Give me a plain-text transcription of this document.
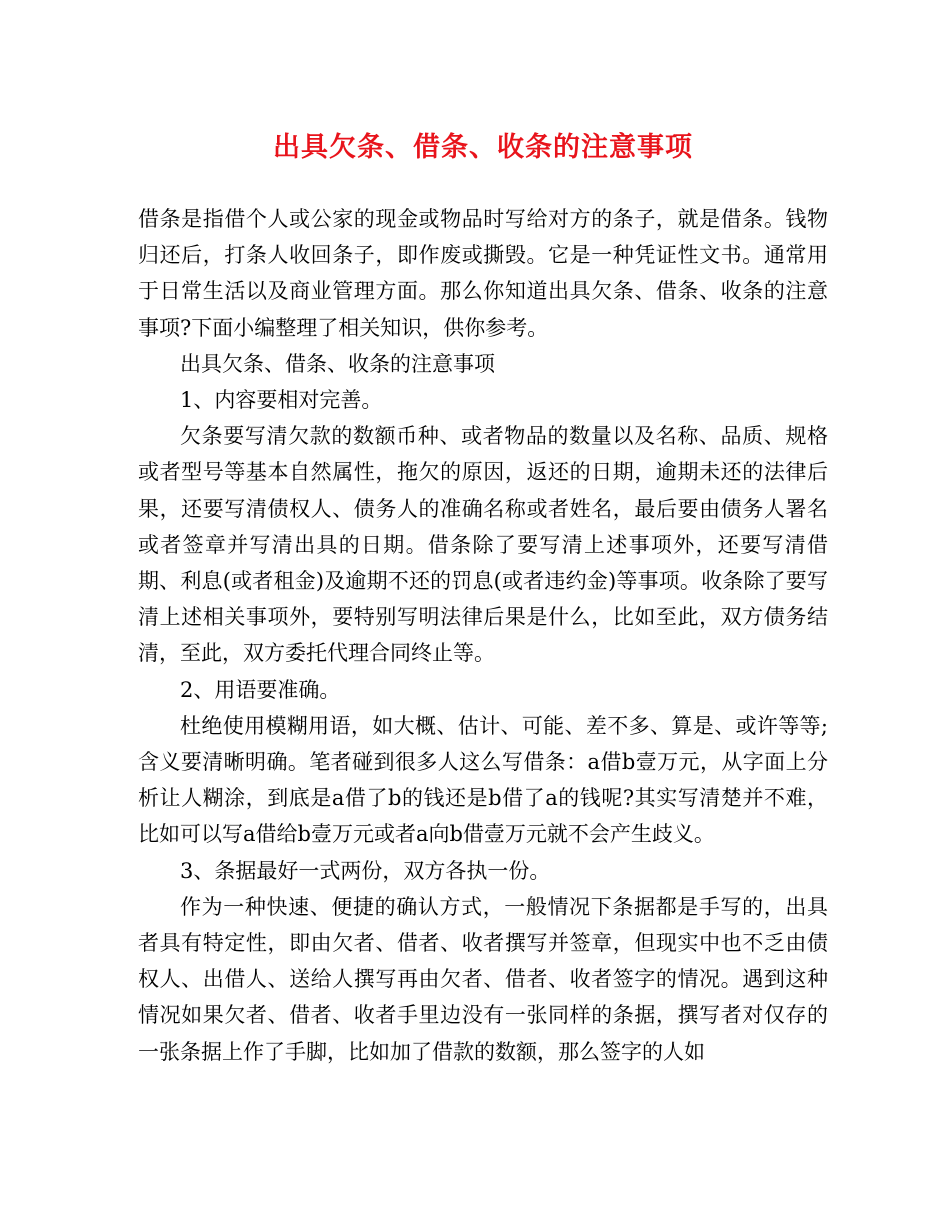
出具欠条、借条、收条的注意事项

借条是指借个人或公家的现金或物品时写给对方的条子，就是借条。钱物归还后，打条人收回条子，即作废或撕毁。它是一种凭证性文书。通常用于日常生活以及商业管理方面。那么你知道出具欠条、借条、收条的注意事项?下面小编整理了相关知识，供你参考。

出具欠条、借条、收条的注意事项

1、内容要相对完善。

欠条要写清欠款的数额币种、或者物品的数量以及名称、品质、规格或者型号等基本自然属性，拖欠的原因，返还的日期，逾期未还的法律后果，还要写清债权人、债务人的准确名称或者姓名，最后要由债务人署名或者签章并写清出具的日期。借条除了要写清上述事项外，还要写清借期、利息(或者租金)及逾期不还的罚息(或者违约金)等事项。收条除了要写清上述相关事项外，要特别写明法律后果是什么，比如至此，双方债务结清，至此，双方委托代理合同终止等。

2、用语要准确。

杜绝使用模糊用语，如大概、估计、可能、差不多、算是、或许等等;含义要清晰明确。笔者碰到很多人这么写借条：a借b壹万元，从字面上分析让人糊涂，到底是a借了b的钱还是b借了a的钱呢?其实写清楚并不难，比如可以写a借给b壹万元或者a向b借壹万元就不会产生歧义。

3、条据最好一式两份，双方各执一份。

作为一种快速、便捷的确认方式，一般情况下条据都是手写的，出具者具有特定性，即由欠者、借者、收者撰写并签章，但现实中也不乏由债权人、出借人、送给人撰写再由欠者、借者、收者签字的情况。遇到这种情况如果欠者、借者、收者手里边没有一张同样的条据，撰写者对仅存的一张条据上作了手脚，比如加了借款的数额，那么签字的人如
